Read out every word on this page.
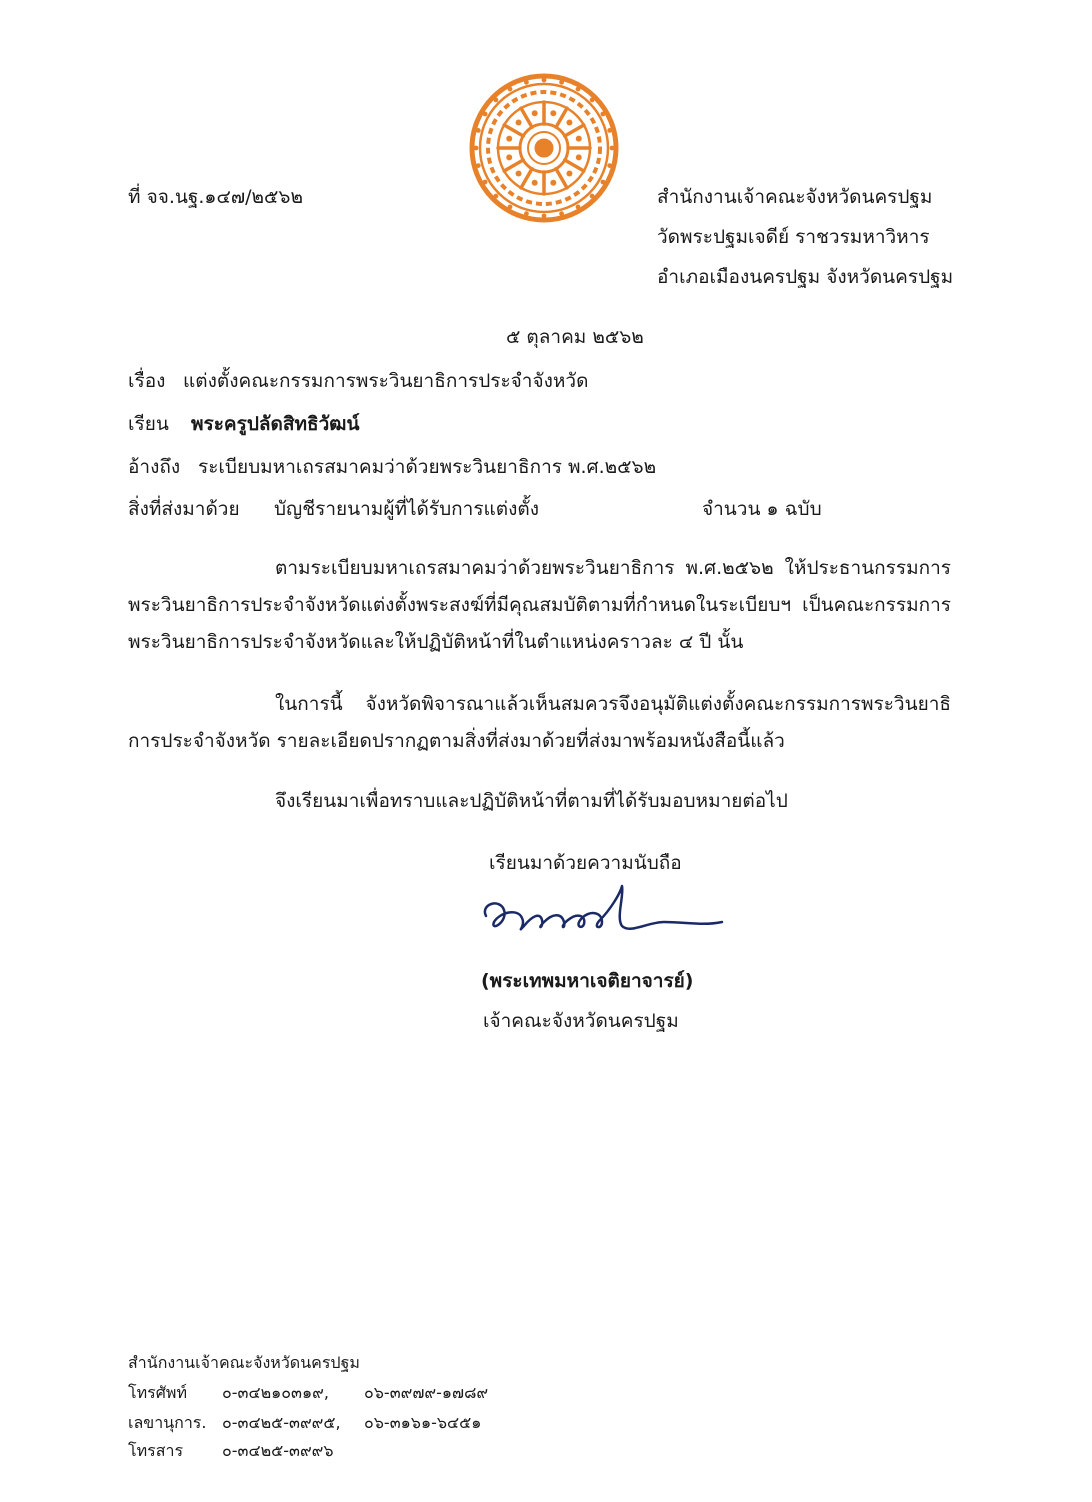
ที่ จจ.นฐ.๑๔๗/๒๕๖๒	สำนักงานเจ้าคณะจังหวัดนครปฐม
วัดพระปฐมเจดีย์ ราชวรมหาวิหาร
อำเภอเมืองนครปฐม จังหวัดนครปฐม
๕ ตุลาคม ๒๕๖๒
เรื่อง แต่งตั้งคณะกรรมการพระวินยาธิการประจำจังหวัด
เรียน พระครูปลัดสิทธิวัฒน์
อ้างถึง ระเบียบมหาเถรสมาคมว่าด้วยพระวินยาธิการ พ.ศ.๒๕๖๒
สิ่งที่ส่งมาด้วย บัญชีรายนามผู้ที่ได้รับการแต่งตั้ง	จำนวน ๑ ฉบับ
ตามระเบียบมหาเถรสมาคมว่าด้วยพระวินยาธิการ พ.ศ.๒๕๖๒ ให้ประธานกรรมการพระวินยาธิการประจำจังหวัดแต่งตั้งพระสงฆ์ที่มีคุณสมบัติตามที่กำหนดในระเบียบฯ เป็นคณะกรรมการพระวินยาธิการประจำจังหวัดและให้ปฏิบัติหน้าที่ในตำแหน่งคราวละ ๔ ปี นั้น
ในการนี้ จังหวัดพิจารณาแล้วเห็นสมควรจึงอนุมัติแต่งตั้งคณะกรรมการพระวินยาธิการประจำจังหวัด รายละเอียดปรากฏตามสิ่งที่ส่งมาด้วยที่ส่งมาพร้อมหนังสือนี้แล้ว
จึงเรียนมาเพื่อทราบและปฏิบัติหน้าที่ตามที่ได้รับมอบหมายต่อไป
เรียนมาด้วยความนับถือ
(พระเทพมหาเจติยาจารย์)
เจ้าคณะจังหวัดนครปฐม
สำนักงานเจ้าคณะจังหวัดนครปฐม
โทรศัพท์ ๐-๓๔๒๑๐๓๑๙, ๐๖-๓๙๗๙-๑๗๘๙
เลขานุการ. ๐-๓๔๒๕-๓๙๙๕, ๐๖-๓๑๖๑-๖๔๕๑
โทรสาร ๐-๓๔๒๕-๓๙๙๖
